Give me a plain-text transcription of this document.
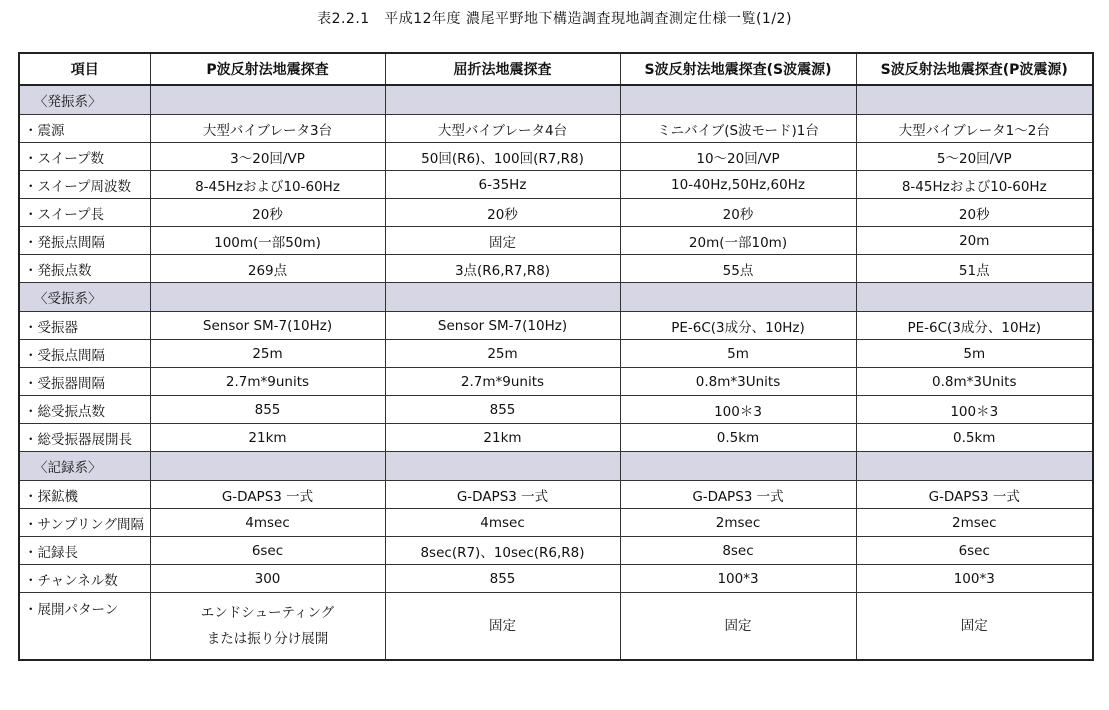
表2.2.1　平成12年度 濃尾平野地下構造調査現地調査測定仕様一覧(1/2)
項目	P波反射法地震探査	屈折法地震探査	S波反射法地震探査(S波震源)	S波反射法地震探査(P波震源)
〈発振系〉				
・震源	大型バイブレータ3台	大型バイブレータ4台	ミニバイブ(S波モード)1台	大型バイブレータ1～2台
・スイープ数	3～20回/VP	50回(R6)、100回(R7,R8)	10～20回/VP	5～20回/VP
・スイープ周波数	8-45Hzおよび10-60Hz	6-35Hz	10-40Hz,50Hz,60Hz	8-45Hzおよび10-60Hz
・スイープ長	20秒	20秒	20秒	20秒
・発振点間隔	100m(一部50m)	固定	20m(一部10m)	20m
・発振点数	269点	3点(R6,R7,R8)	55点	51点
〈受振系〉				
・受振器	Sensor SM-7(10Hz)	Sensor SM-7(10Hz)	PE-6C(3成分、10Hz)	PE-6C(3成分、10Hz)
・受振点間隔	25m	25m	5m	5m
・受振器間隔	2.7m*9units	2.7m*9units	0.8m*3Units	0.8m*3Units
・総受振点数	855	855	100＊3	100＊3
・総受振器展開長	21km	21km	0.5km	0.5km
〈記録系〉				
・探鉱機	G-DAPS3 一式	G-DAPS3 一式	G-DAPS3 一式	G-DAPS3 一式
・サンプリング間隔	4msec	4msec	2msec	2msec
・記録長	6sec	8sec(R7)、10sec(R6,R8)	8sec	6sec
・チャンネル数	300	855	100*3	100*3
・展開パターン	エンドシューティング
または振り分け展開	固定	固定	固定
